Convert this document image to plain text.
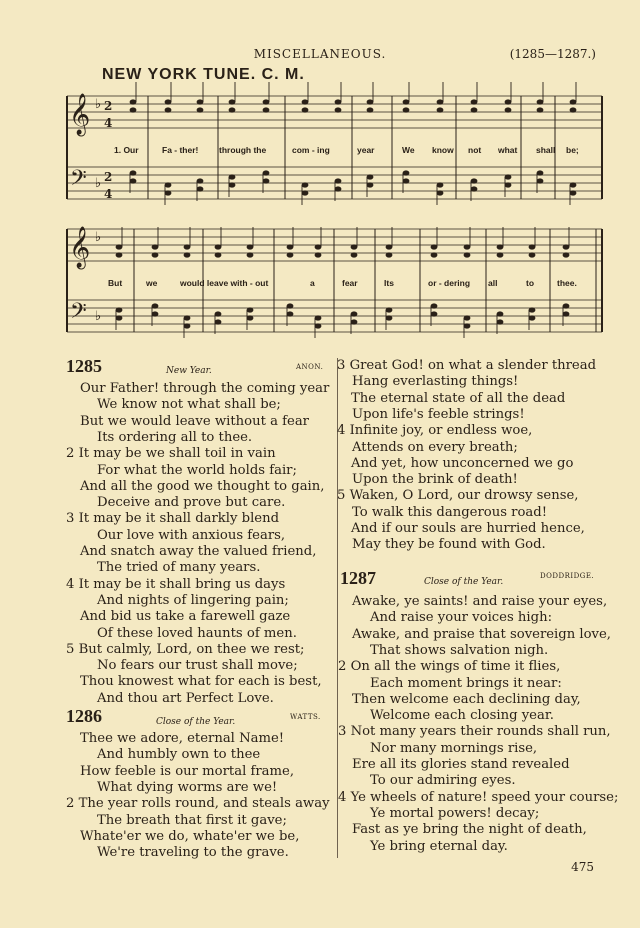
MISCELLANEOUS.	(1285—1287.)
NEW YORK TUNE. C. M.
𝄞
𝄢
♭
♭
𝄞
𝄢
♭
♭
2
4
2
4
1. Our	Fa - ther! through the	com - ing	year	We know not what shall be;
But	we	would leave with - out	a	fear	Its	or - dering all	to	thee.
1285	New Year.	ANON.
Our Father! through the coming year
We know not what shall be;
But we would leave without a fear
Its ordering all to thee.
2 It may be we shall toil in vain
For what the world holds fair;
And all the good we thought to gain,
Deceive and prove but care.
3 It may be it shall darkly blend
Our love with anxious fears,
And snatch away the valued friend,
The tried of many years.
4 It may be it shall bring us days
And nights of lingering pain;
And bid us take a farewell gaze
Of these loved haunts of men.
5 But calmly, Lord, on thee we rest;
No fears our trust shall move;
Thou knowest what for each is best,
And thou art Perfect Love.
1286	Close of the Year.	WATTS.
Thee we adore, eternal Name!
And humbly own to thee
How feeble is our mortal frame,
What dying worms are we!
2 The year rolls round, and steals away
The breath that first it gave;
Whate'er we do, whate'er we be,
We're traveling to the grave.
3 Great God! on what a slender thread
Hang everlasting things!
The eternal state of all the dead
Upon life's feeble strings!
4 Infinite joy, or endless woe,
Attends on every breath;
And yet, how unconcerned we go
Upon the brink of death!
5 Waken, O Lord, our drowsy sense,
To walk this dangerous road!
And if our souls are hurried hence,
May they be found with God.
1287	Close of the Year.
DODDRIDGE.
Awake, ye saints! and raise your eyes,
And raise your voices high:
Awake, and praise that sovereign love,
That shows salvation nigh.
2 On all the wings of time it flies,
Each moment brings it near:
Then welcome each declining day,
Welcome each closing year.
3 Not many years their rounds shall run,
Nor many mornings rise,
Ere all its glories stand revealed
To our admiring eyes.
4 Ye wheels of nature! speed your course;
Ye mortal powers! decay;
Fast as ye bring the night of death,
Ye bring eternal day.
475
